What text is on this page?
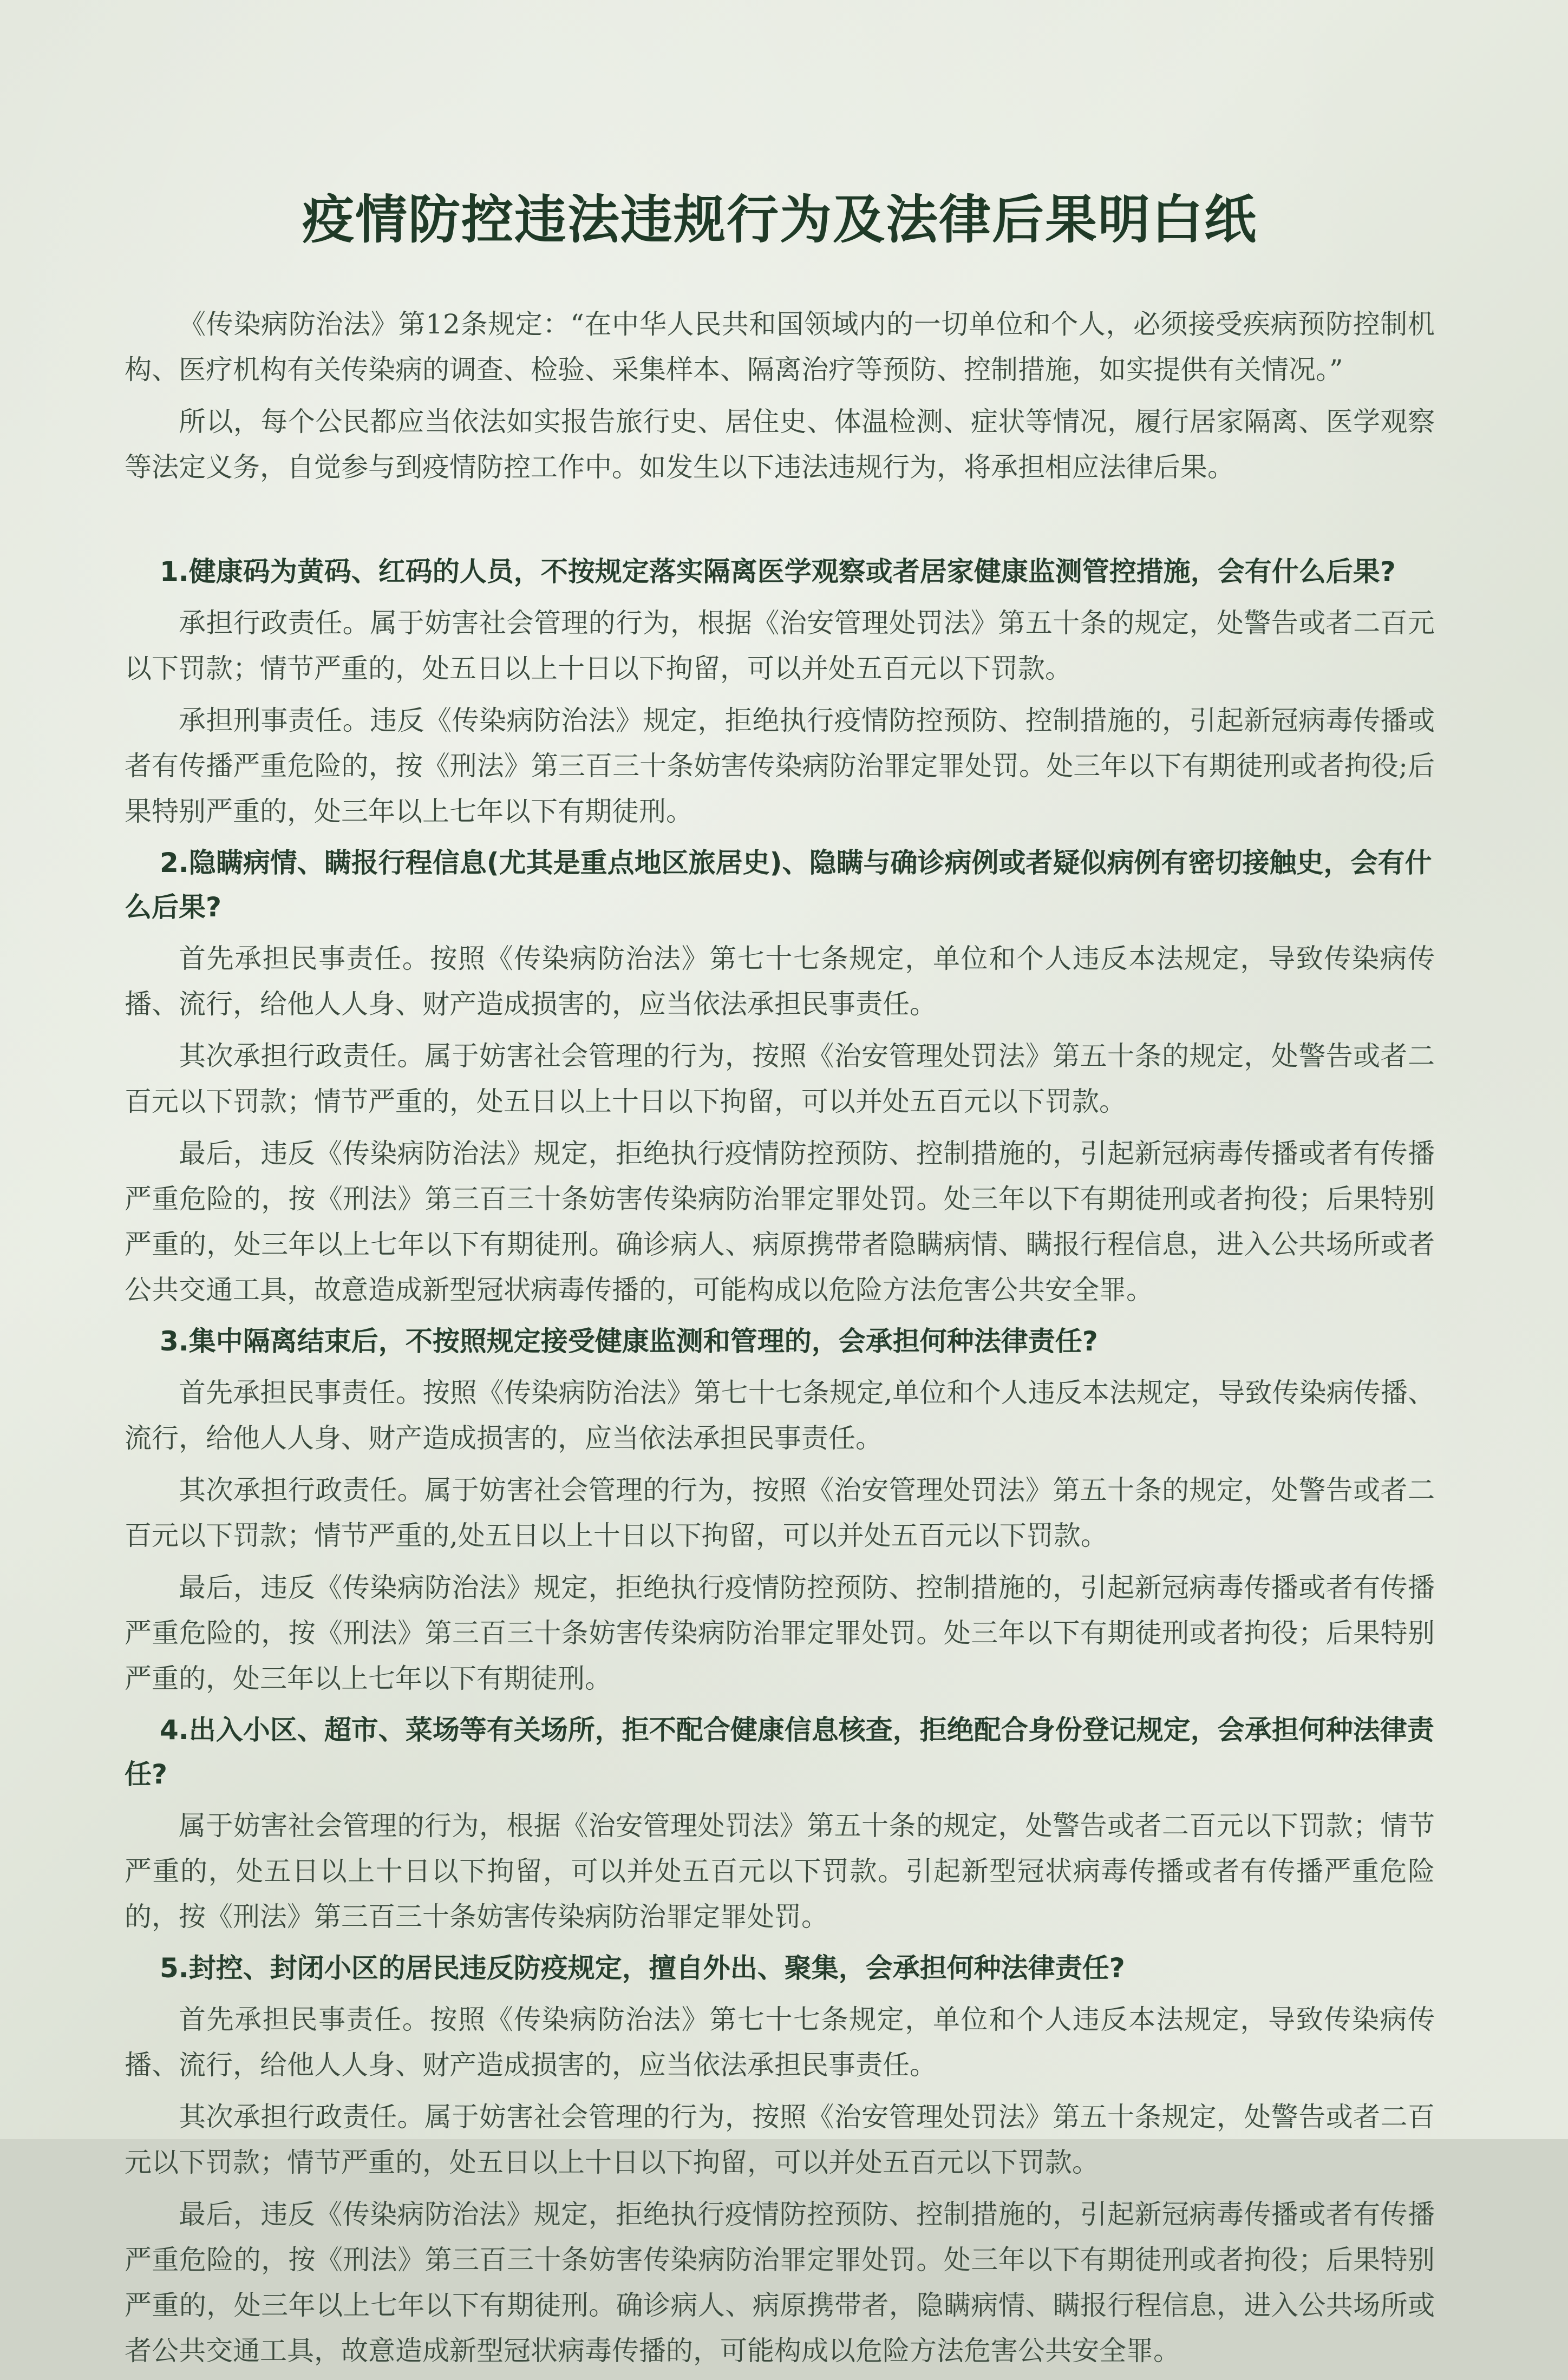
疫情防控违法违规行为及法律后果明白纸

《传染病防治法》第12条规定：“在中华人民共和国领域内的一切单位和个人，必须接受疾病预防控制机构、医疗机构有关传染病的调查、检验、采集样本、隔离治疗等预防、控制措施，如实提供有关情况。”

所以，每个公民都应当依法如实报告旅行史、居住史、体温检测、症状等情况，履行居家隔离、医学观察等法定义务，自觉参与到疫情防控工作中。如发生以下违法违规行为，将承担相应法律后果。

1.健康码为黄码、红码的人员，不按规定落实隔离医学观察或者居家健康监测管控措施，会有什么后果?

承担行政责任。属于妨害社会管理的行为，根据《治安管理处罚法》第五十条的规定，处警告或者二百元以下罚款；情节严重的，处五日以上十日以下拘留，可以并处五百元以下罚款。

承担刑事责任。违反《传染病防治法》规定，拒绝执行疫情防控预防、控制措施的，引起新冠病毒传播或者有传播严重危险的，按《刑法》第三百三十条妨害传染病防治罪定罪处罚。处三年以下有期徒刑或者拘役;后果特别严重的，处三年以上七年以下有期徒刑。

2.隐瞒病情、瞒报行程信息(尤其是重点地区旅居史)、隐瞒与确诊病例或者疑似病例有密切接触史，会有什么后果?

首先承担民事责任。按照《传染病防治法》第七十七条规定，单位和个人违反本法规定，导致传染病传播、流行，给他人人身、财产造成损害的，应当依法承担民事责任。

其次承担行政责任。属于妨害社会管理的行为，按照《治安管理处罚法》第五十条的规定，处警告或者二百元以下罚款；情节严重的，处五日以上十日以下拘留，可以并处五百元以下罚款。

最后，违反《传染病防治法》规定，拒绝执行疫情防控预防、控制措施的，引起新冠病毒传播或者有传播严重危险的，按《刑法》第三百三十条妨害传染病防治罪定罪处罚。处三年以下有期徒刑或者拘役；后果特别严重的，处三年以上七年以下有期徒刑。确诊病人、病原携带者隐瞒病情、瞒报行程信息，进入公共场所或者公共交通工具，故意造成新型冠状病毒传播的，可能构成以危险方法危害公共安全罪。

3.集中隔离结束后，不按照规定接受健康监测和管理的，会承担何种法律责任?

首先承担民事责任。按照《传染病防治法》第七十七条规定,单位和个人违反本法规定，导致传染病传播、流行，给他人人身、财产造成损害的，应当依法承担民事责任。

其次承担行政责任。属于妨害社会管理的行为，按照《治安管理处罚法》第五十条的规定，处警告或者二百元以下罚款；情节严重的,处五日以上十日以下拘留，可以并处五百元以下罚款。

最后，违反《传染病防治法》规定，拒绝执行疫情防控预防、控制措施的，引起新冠病毒传播或者有传播严重危险的，按《刑法》第三百三十条妨害传染病防治罪定罪处罚。处三年以下有期徒刑或者拘役；后果特别严重的，处三年以上七年以下有期徒刑。

4.出入小区、超市、菜场等有关场所，拒不配合健康信息核查，拒绝配合身份登记规定，会承担何种法律责任?

属于妨害社会管理的行为，根据《治安管理处罚法》第五十条的规定，处警告或者二百元以下罚款；情节严重的，处五日以上十日以下拘留，可以并处五百元以下罚款。引起新型冠状病毒传播或者有传播严重危险的，按《刑法》第三百三十条妨害传染病防治罪定罪处罚。

5.封控、封闭小区的居民违反防疫规定，擅自外出、聚集，会承担何种法律责任?

首先承担民事责任。按照《传染病防治法》第七十七条规定，单位和个人违反本法规定，导致传染病传播、流行，给他人人身、财产造成损害的，应当依法承担民事责任。

其次承担行政责任。属于妨害社会管理的行为，按照《治安管理处罚法》第五十条规定，处警告或者二百元以下罚款；情节严重的，处五日以上十日以下拘留，可以并处五百元以下罚款。

最后，违反《传染病防治法》规定，拒绝执行疫情防控预防、控制措施的，引起新冠病毒传播或者有传播严重危险的，按《刑法》第三百三十条妨害传染病防治罪定罪处罚。处三年以下有期徒刑或者拘役；后果特别严重的，处三年以上七年以下有期徒刑。确诊病人、病原携带者，隐瞒病情、瞒报行程信息，进入公共场所或者公共交通工具，故意造成新型冠状病毒传播的，可能构成以危险方法危害公共安全罪。
